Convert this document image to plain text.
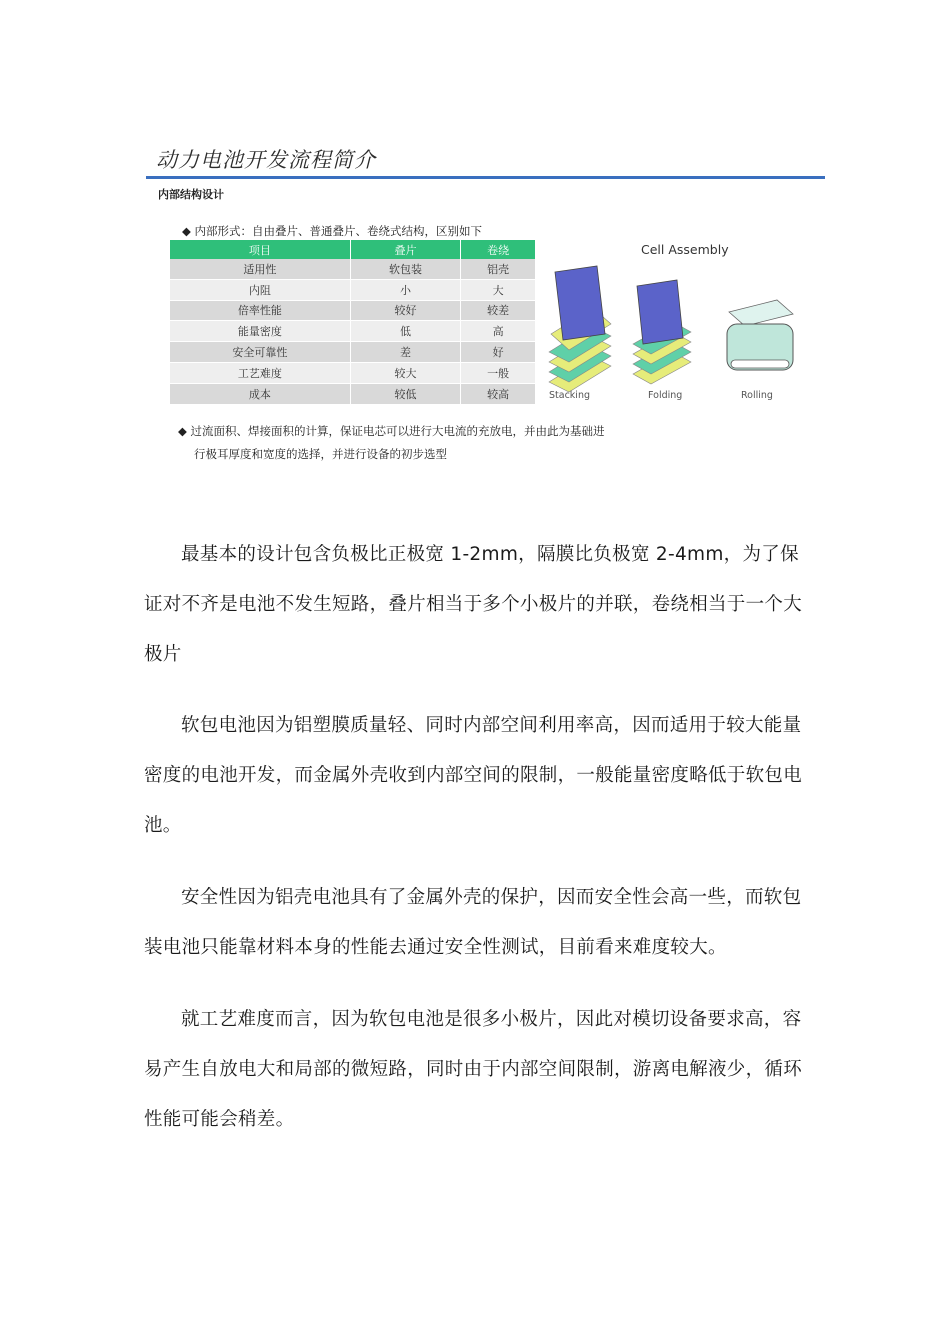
动力电池开发流程简介
内部结构设计
◆ 内部形式：自由叠片、普通叠片、卷绕式结构，区别如下
项目	叠片	卷绕
适用性	软包装	铝壳
内阻	小	大
倍率性能	较好	较差
能量密度	低	高
安全可靠性	差	好
工艺难度	较大	一般
成本	较低	较高
Cell Assembly
Stacking	Folding	Rolling
◆ 过流面积、焊接面积的计算，保证电芯可以进行大电流的充放电，并由此为基础进
行极耳厚度和宽度的选择，并进行设备的初步选型

最基本的设计包含负极比正极宽 1-2mm，隔膜比负极宽 2-4mm，为了保证对不齐是电池不发生短路，叠片相当于多个小极片的并联，卷绕相当于一个大极片

软包电池因为铝塑膜质量轻、同时内部空间利用率高，因而适用于较大能量密度的电池开发，而金属外壳收到内部空间的限制，一般能量密度略低于软包电池。

安全性因为铝壳电池具有了金属外壳的保护，因而安全性会高一些，而软包装电池只能靠材料本身的性能去通过安全性测试，目前看来难度较大。

就工艺难度而言，因为软包电池是很多小极片，因此对模切设备要求高，容易产生自放电大和局部的微短路，同时由于内部空间限制，游离电解液少，循环性能可能会稍差。
